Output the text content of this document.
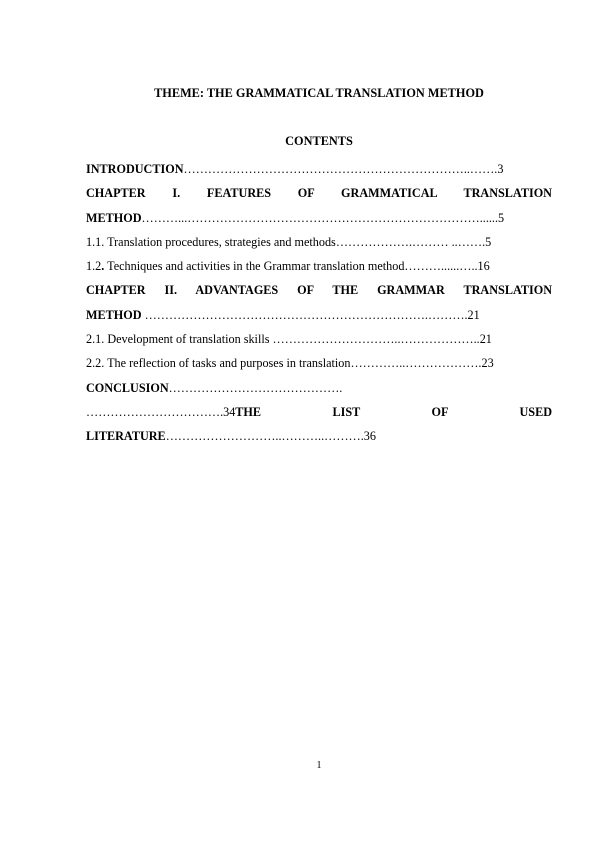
THEME: THE GRAMMATICAL TRANSLATION METHOD
CONTENTS
INTRODUCTION……………………………………………………………..…….3
CHAPTER I. FEATURES OF GRAMMATICAL TRANSLATION
METHOD………...………………………………………………………………......5
1.1. Translation procedures, strategies and methods……………….……… ..…….5
1.2. Techniques and activities in the Grammar translation method………......…..16
CHAPTER II. ADVANTAGES OF THE GRAMMAR TRANSLATION
METHOD …………………………………………………………….……….21
2.1. Development of translation skills …………………………..………………..21
2.2. The reflection of tasks and purposes in translation…………..……………….23
CONCLUSION…………………………………….
…………………………….34THE LIST OF USED
LITERATURE………………………..………..……….36
1
